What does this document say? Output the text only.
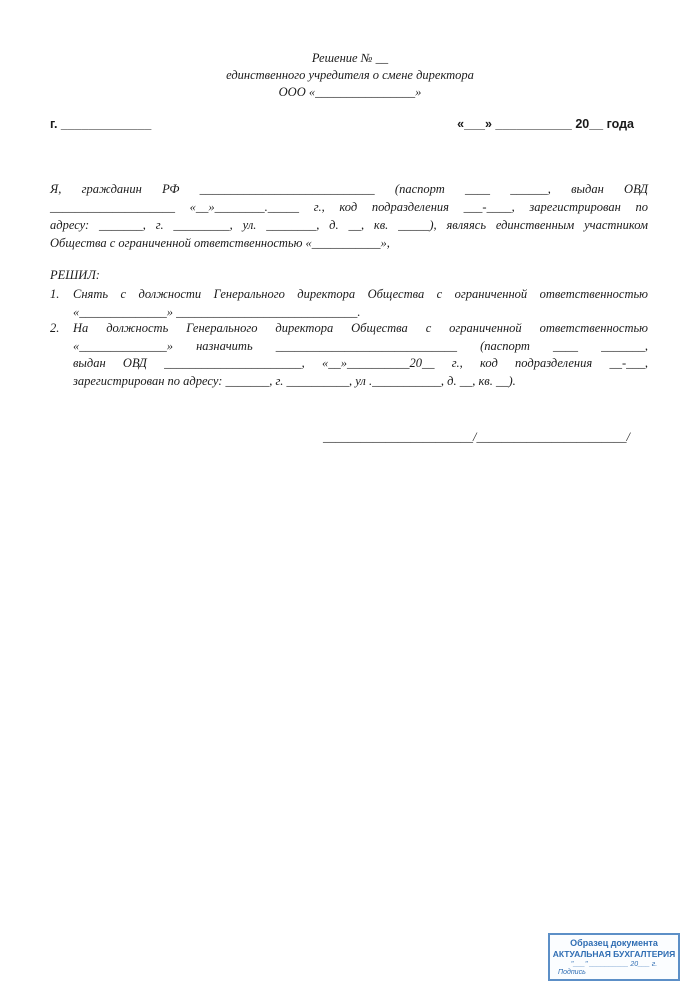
Решение № __
единственного учредителя о смене директора
ООО «________________»
г. _____________	«___» ___________ 20__ года
Я, гражданин РФ ____________________________ (паспорт ____ ______, выдан ОВД
____________________ «__»________._____ г., код подразделения ___-____, зарегистрирован по
адресу: _______, г. _________, ул. ________, д. __, кв. _____), являясь единственным участником
Общества с ограниченной ответственностью «___________»,
РЕШИЛ:
1. Снять с должности Генерального директора Общества с ограниченной ответственностью
«______________» _____________________________.
2. На должность Генерального директора Общества с ограниченной ответственностью
«______________» назначить _____________________________ (паспорт ____ _______,
выдан ОВД ______________________, «__»__________20__ г., код подразделения __-___,
зарегистрирован по адресу: _______, г. __________, ул .___________, д. __, кв. __).
________________________/________________________/
Образец документа
АКТУАЛЬНАЯ БУХГАЛТЕРИЯ
"___" __________ 20___ г.
Подпись
